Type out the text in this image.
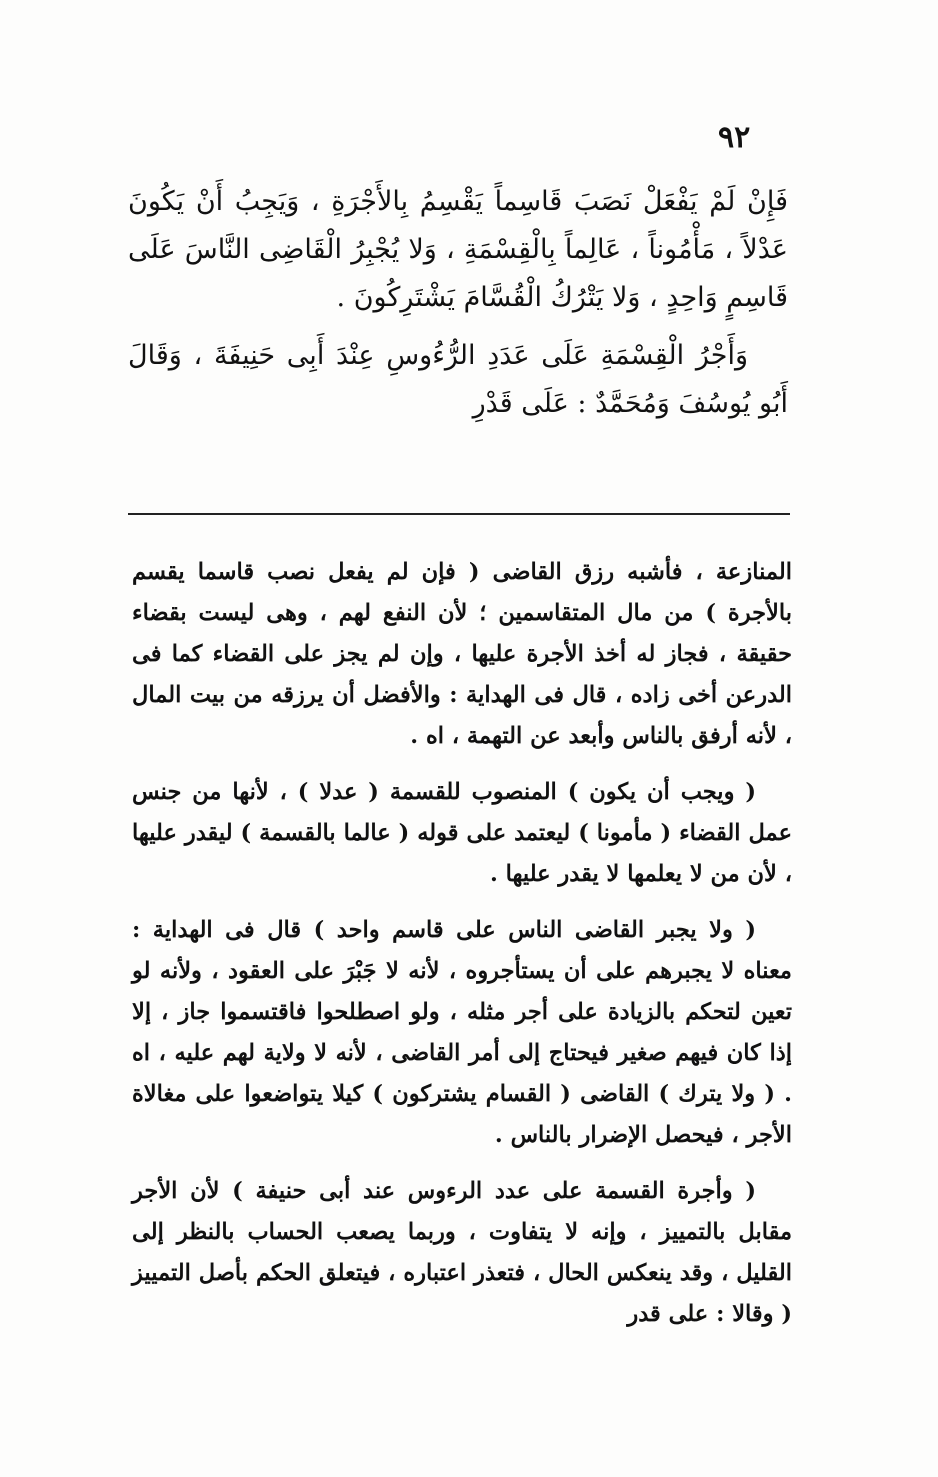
٩٢

فَإِنْ لَمْ يَفْعَلْ نَصَبَ قَاسِماً يَقْسِمُ بِالأَجْرَةِ ، وَيَجِبُ أَنْ يَكُونَ عَدْلاً ، مَأْمُوناً ، عَالِماً بِالْقِسْمَةِ ، وَلا يُجْبِرُ الْقَاضِى النَّاسَ عَلَى قَاسِمٍ وَاحِدٍ ، وَلا يَتْرُكُ الْقُسَّامَ يَشْتَرِكُونَ .

وَأَجْرُ الْقِسْمَةِ عَلَى عَدَدِ الرُّءُوسِ عِنْدَ أَبِى حَنِيفَةَ ، وَقَالَ أَبُو يُوسُفَ وَمُحَمَّدٌ : عَلَى قَدْرِ

المنازعة ، فأشبه رزق القاضى ( فإن لم يفعل نصب قاسما يقسم بالأجرة ) من مال المتقاسمين ؛ لأن النفع لهم ، وهى ليست بقضاء حقيقة ، فجاز له أخذ الأجرة عليها ، وإن لم يجز على القضاء كما فى الدرعن أخى زاده ، قال فى الهداية : والأفضل أن يرزقه من بيت المال ، لأنه أرفق بالناس وأبعد عن التهمة ، اه .

( ويجب أن يكون ) المنصوب للقسمة ( عدلا ) ، لأنها من جنس عمل القضاء ( مأمونا ) ليعتمد على قوله ( عالما بالقسمة ) ليقدر عليها ، لأن من لا يعلمها لا يقدر عليها .

( ولا يجبر القاضى الناس على قاسم واحد ) قال فى الهداية : معناه لا يجبرهم على أن يستأجروه ، لأنه لا جَبْرَ على العقود ، ولأنه لو تعين لتحكم بالزيادة على أجر مثله ، ولو اصطلحوا فاقتسموا جاز ، إلا إذا كان فيهم صغير فيحتاج إلى أمر القاضى ، لأنه لا ولاية لهم عليه ، اه . ( ولا يترك ) القاضى ( القسام يشتركون ) كيلا يتواضعوا على مغالاة الأجر ، فيحصل الإضرار بالناس .

( وأجرة القسمة على عدد الرءوس عند أبى حنيفة ) لأن الأجر مقابل بالتمييز ، وإنه لا يتفاوت ، وربما يصعب الحساب بالنظر إلى القليل ، وقد ينعكس الحال ، فتعذر اعتباره ، فيتعلق الحكم بأصل التمييز ( وقالا : على قدر
